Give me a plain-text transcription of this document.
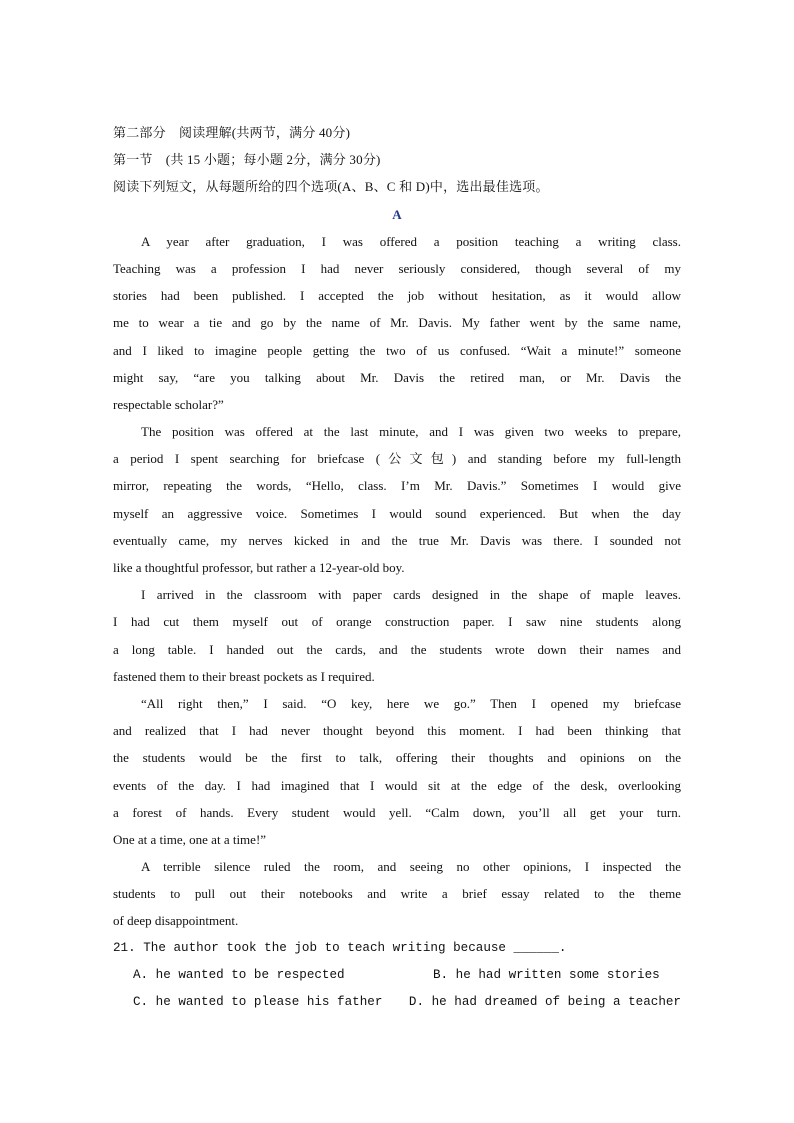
第二部分　阅读理解(共两节，满分 40分)

第一节　(共 15 小题；每小题 2分，满分 30分)

阅读下列短文，从每题所给的四个选项(A、B、C 和 D)中，选出最佳选项。

A

A year after graduation, I was offered a position teaching a writing class.

Teaching was a profession I had never seriously considered, though several of my

stories had been published. I accepted the job without hesitation, as it would allow

me to wear a tie and go by the name of Mr. Davis. My father went by the same name,

and I liked to imagine people getting the two of us confused. “Wait a minute!” someone

might say, “are you talking about Mr. Davis the retired man, or Mr. Davis the

respectable scholar?”

The position was offered at the last minute, and I was given two weeks to prepare,

a period I spent searching for briefcase (公文包) and standing before my full-length

mirror, repeating the words, “Hello, class. I’m Mr. Davis.” Sometimes I would give

myself an aggressive voice. Sometimes I would sound experienced. But when the day

eventually came, my nerves kicked in and the true Mr. Davis was there. I sounded not

like a thoughtful professor, but rather a 12-year-old boy.

I arrived in the classroom with paper cards designed in the shape of maple leaves.

I had cut them myself out of orange construction paper. I saw nine students along

a long table. I handed out the cards, and the students wrote down their names and

fastened them to their breast pockets as I required.

“All right then,” I said. “O key, here we go.” Then I opened my briefcase

and realized that I had never thought beyond this moment. I had been thinking that

the students would be the first to talk, offering their thoughts and opinions on the

events of the day. I had imagined that I would sit at the edge of the desk, overlooking

a forest of hands. Every student would yell. “Calm down, you’ll all get your turn.

One at a time, one at a time!”

A terrible silence ruled the room, and seeing no other opinions, I inspected the

students to pull out their notebooks and write a brief essay related to the theme

of deep disappointment.

21. The author took the job to teach writing because ______.

A. he wanted to be respected	B. he had written some stories
C. he wanted to please his father	D. he had dreamed of being a teacher
